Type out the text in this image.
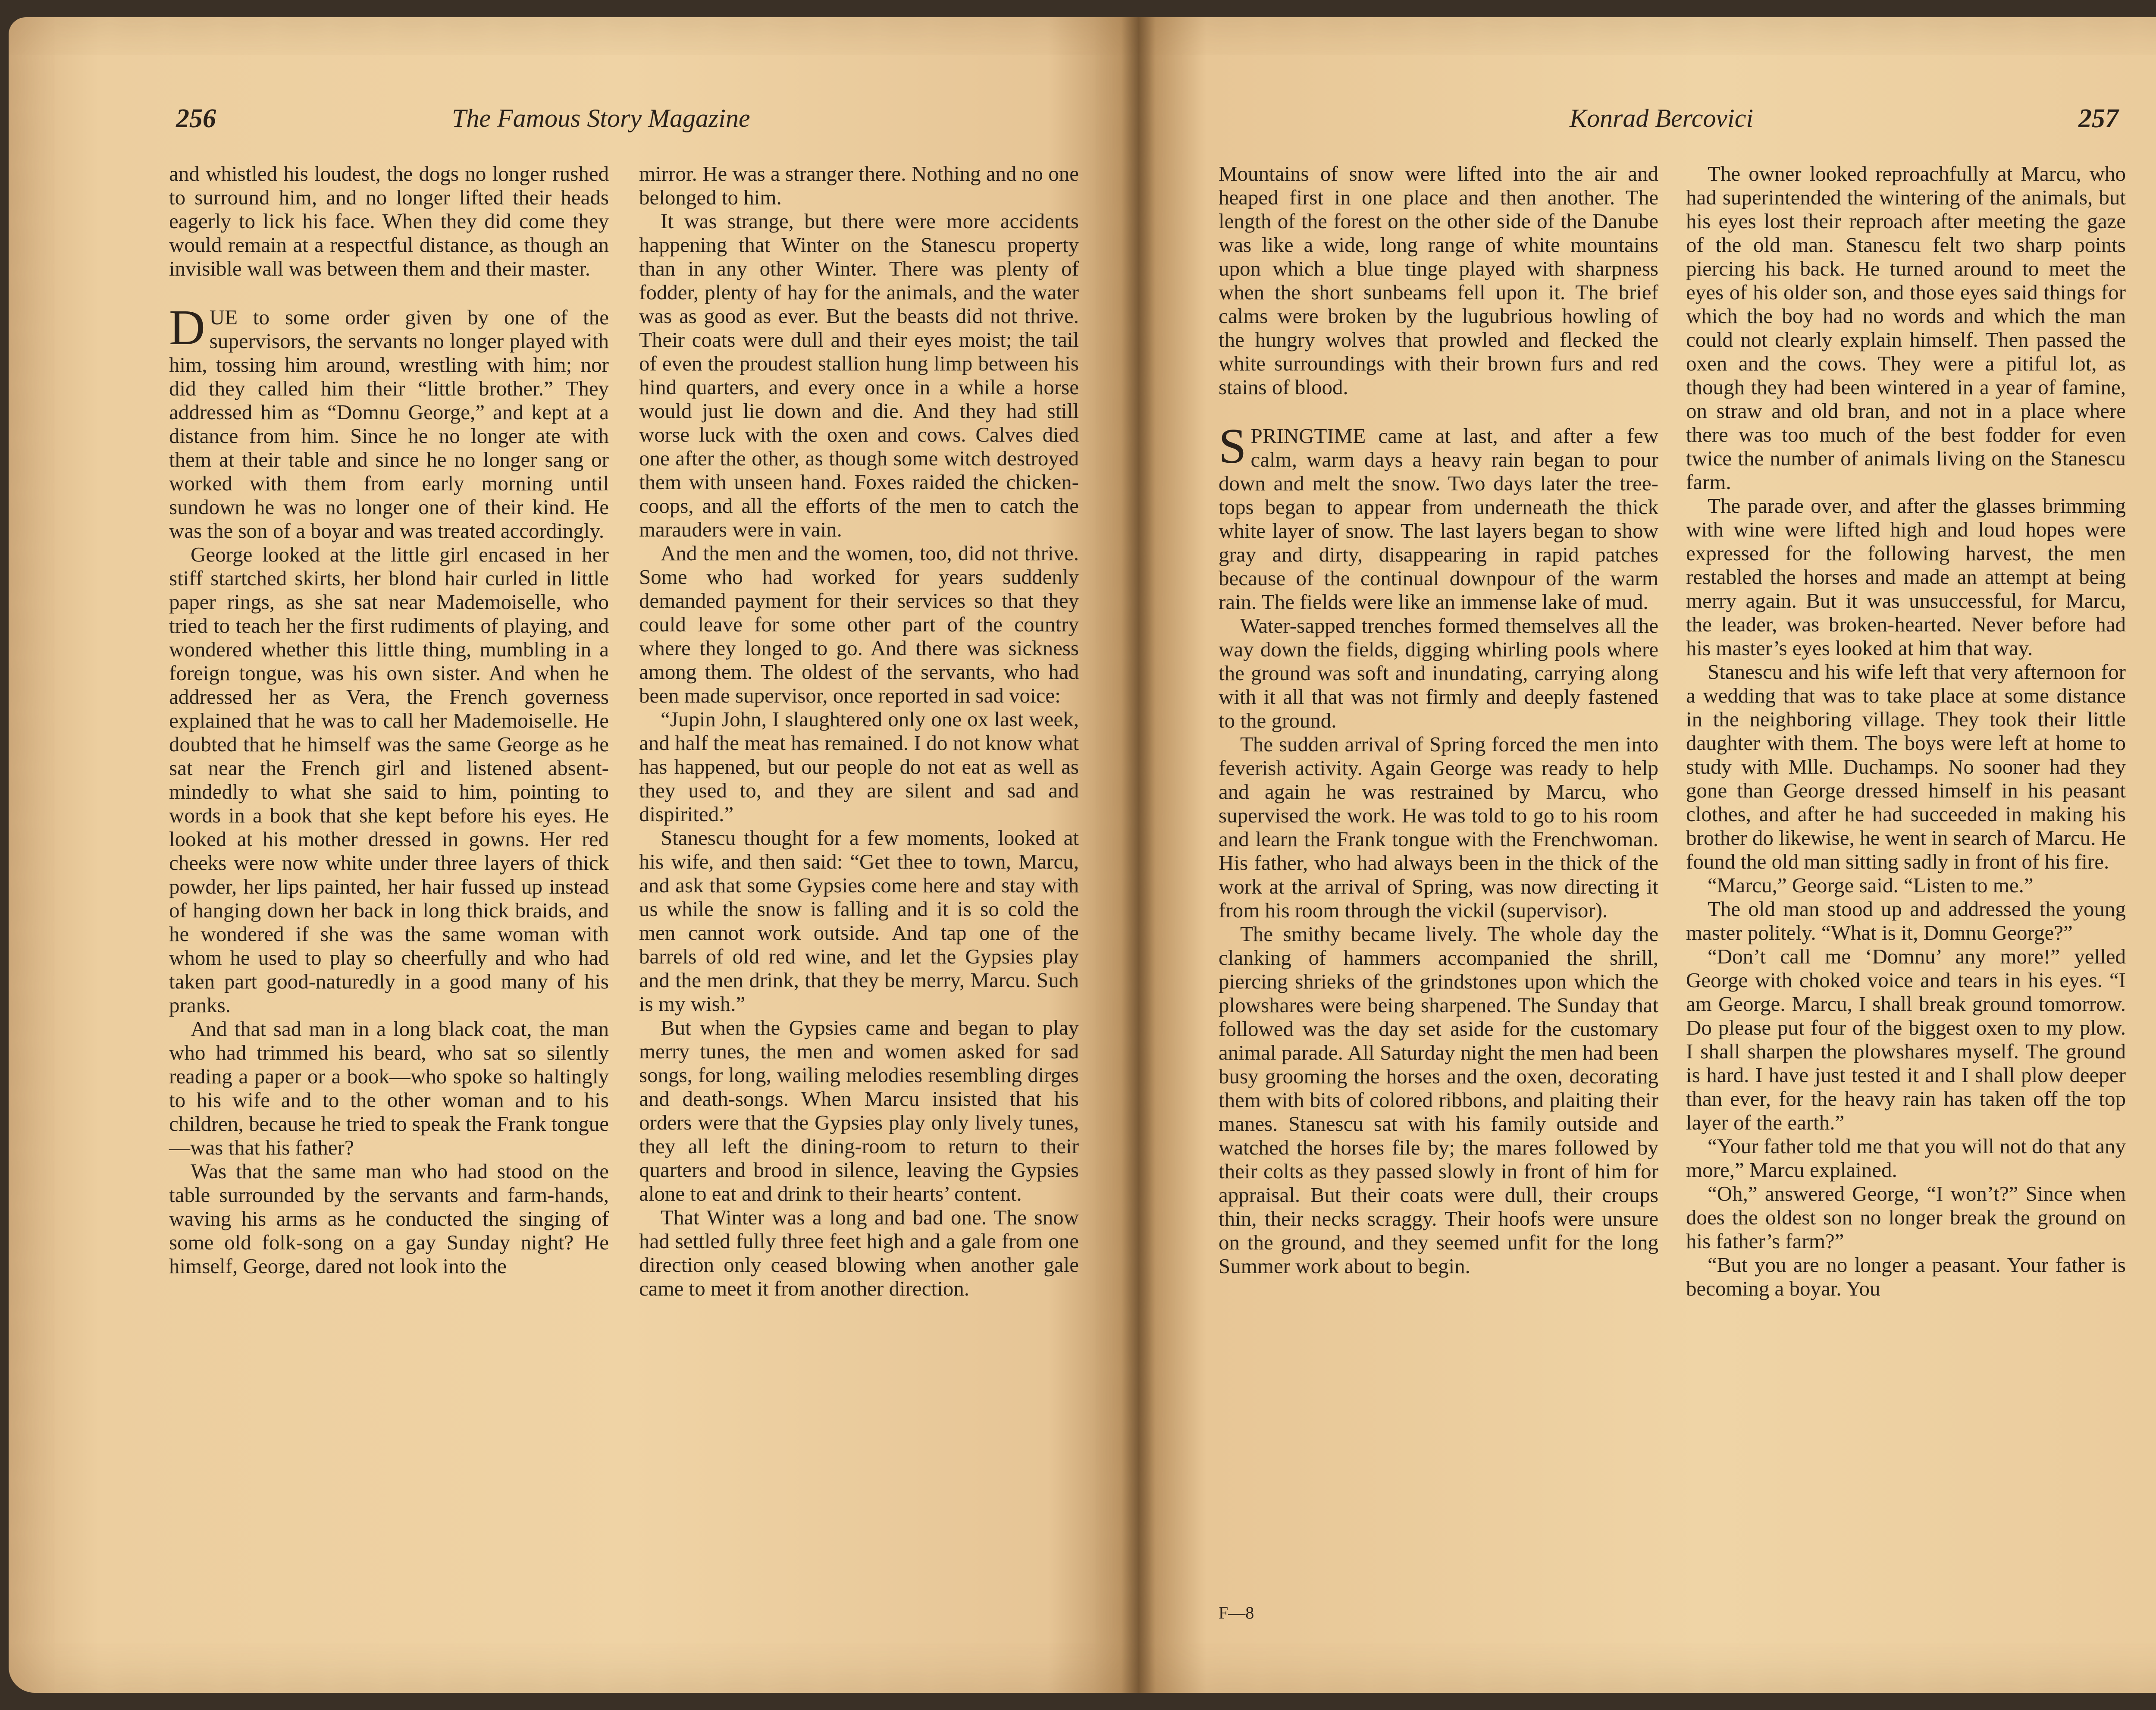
256	The Famous Story Magazine	Konrad Bercovici	257

and whistled his loudest, the dogs no longer rushed to surround him, and no longer lifted their heads eagerly to lick his face. When they did come they would remain at a respectful distance, as though an invisible wall was between them and their master.

DUE to some order given by one of the supervisors, the servants no longer played with him, tossing him around, wrestling with him; nor did they called him their “little brother.” They addressed him as “Domnu George,” and kept at a distance from him. Since he no longer ate with them at their table and since he no longer sang or worked with them from early morning until sundown he was no longer one of their kind. He was the son of a boyar and was treated accordingly.

George looked at the little girl encased in her stiff startched skirts, her blond hair curled in little paper rings, as she sat near Mademoiselle, who tried to teach her the first rudiments of playing, and wondered whether this little thing, mumbling in a foreign tongue, was his own sister. And when he addressed her as Vera, the French governess explained that he was to call her Mademoiselle. He doubted that he himself was the same George as he sat near the French girl and listened absent-mindedly to what she said to him, pointing to words in a book that she kept before his eyes. He looked at his mother dressed in gowns. Her red cheeks were now white under three layers of thick powder, her lips painted, her hair fussed up instead of hanging down her back in long thick braids, and he wondered if she was the same woman with whom he used to play so cheerfully and who had taken part good-naturedly in a good many of his pranks.

And that sad man in a long black coat, the man who had trimmed his beard, who sat so silently reading a paper or a book—who spoke so haltingly to his wife and to the other woman and to his children, because he tried to speak the Frank tongue—was that his father?

Was that the same man who had stood on the table surrounded by the servants and farm-hands, waving his arms as he conducted the singing of some old folk-song on a gay Sunday night? He himself, George, dared not look into the

mirror. He was a stranger there. Nothing and no one belonged to him.

It was strange, but there were more accidents happening that Winter on the Stanescu property than in any other Winter. There was plenty of fodder, plenty of hay for the animals, and the water was as good as ever. But the beasts did not thrive. Their coats were dull and their eyes moist; the tail of even the proudest stallion hung limp between his hind quarters, and every once in a while a horse would just lie down and die. And they had still worse luck with the oxen and cows. Calves died one after the other, as though some witch destroyed them with unseen hand. Foxes raided the chicken-coops, and all the efforts of the men to catch the marauders were in vain.

And the men and the women, too, did not thrive. Some who had worked for years suddenly demanded payment for their services so that they could leave for some other part of the country where they longed to go. And there was sickness among them. The oldest of the servants, who had been made supervisor, once reported in sad voice:

“Jupin John, I slaughtered only one ox last week, and half the meat has remained. I do not know what has happened, but our people do not eat as well as they used to, and they are silent and sad and dispirited.”

Stanescu thought for a few moments, looked at his wife, and then said: “Get thee to town, Marcu, and ask that some Gypsies come here and stay with us while the snow is falling and it is so cold the men cannot work outside. And tap one of the barrels of old red wine, and let the Gypsies play and the men drink, that they be merry, Marcu. Such is my wish.”

But when the Gypsies came and began to play merry tunes, the men and women asked for sad songs, for long, wailing melodies resembling dirges and death-songs. When Marcu insisted that his orders were that the Gypsies play only lively tunes, they all left the dining-room to return to their quarters and brood in silence, leaving the Gypsies alone to eat and drink to their hearts’ content.

That Winter was a long and bad one. The snow had settled fully three feet high and a gale from one direction only ceased blowing when another gale came to meet it from another direction.

Mountains of snow were lifted into the air and heaped first in one place and then another. The length of the forest on the other side of the Danube was like a wide, long range of white mountains upon which a blue tinge played with sharpness when the short sunbeams fell upon it. The brief calms were broken by the lugubrious howling of the hungry wolves that prowled and flecked the white surroundings with their brown furs and red stains of blood.

SPRINGTIME came at last, and after a few calm, warm days a heavy rain began to pour down and melt the snow. Two days later the tree-tops began to appear from underneath the thick white layer of snow. The last layers began to show gray and dirty, disappearing in rapid patches because of the continual downpour of the warm rain. The fields were like an immense lake of mud.

Water-sapped trenches formed themselves all the way down the fields, digging whirling pools where the ground was soft and inundating, carrying along with it all that was not firmly and deeply fastened to the ground.

The sudden arrival of Spring forced the men into feverish activity. Again George was ready to help and again he was restrained by Marcu, who supervised the work. He was told to go to his room and learn the Frank tongue with the Frenchwoman. His father, who had always been in the thick of the work at the arrival of Spring, was now directing it from his room through the vickil (supervisor).

The smithy became lively. The whole day the clanking of hammers accompanied the shrill, piercing shrieks of the grindstones upon which the plowshares were being sharpened. The Sunday that followed was the day set aside for the customary animal parade. All Saturday night the men had been busy grooming the horses and the oxen, decorating them with bits of colored ribbons, and plaiting their manes. Stanescu sat with his family outside and watched the horses file by; the mares followed by their colts as they passed slowly in front of him for appraisal. But their coats were dull, their croups thin, their necks scraggy. Their hoofs were unsure on the ground, and they seemed unfit for the long Summer work about to begin.

The owner looked reproachfully at Marcu, who had superintended the wintering of the animals, but his eyes lost their reproach after meeting the gaze of the old man. Stanescu felt two sharp points piercing his back. He turned around to meet the eyes of his older son, and those eyes said things for which the boy had no words and which the man could not clearly explain himself. Then passed the oxen and the cows. They were a pitiful lot, as though they had been wintered in a year of famine, on straw and old bran, and not in a place where there was too much of the best fodder for even twice the number of animals living on the Stanescu farm.

The parade over, and after the glasses brimming with wine were lifted high and loud hopes were expressed for the following harvest, the men restabled the horses and made an attempt at being merry again. But it was unsuccessful, for Marcu, the leader, was broken-hearted. Never before had his master’s eyes looked at him that way.

Stanescu and his wife left that very afternoon for a wedding that was to take place at some distance in the neighboring village. They took their little daughter with them. The boys were left at home to study with Mlle. Duchamps. No sooner had they gone than George dressed himself in his peasant clothes, and after he had succeeded in making his brother do likewise, he went in search of Marcu. He found the old man sitting sadly in front of his fire.

“Marcu,” George said. “Listen to me.”

The old man stood up and addressed the young master politely. “What is it, Domnu George?”

“Don’t call me ‘Domnu’ any more!” yelled George with choked voice and tears in his eyes. “I am George. Marcu, I shall break ground tomorrow. Do please put four of the biggest oxen to my plow. I shall sharpen the plowshares myself. The ground is hard. I have just tested it and I shall plow deeper than ever, for the heavy rain has taken off the top layer of the earth.”

“Your father told me that you will not do that any more,” Marcu explained.

“Oh,” answered George, “I won’t?” Since when does the oldest son no longer break the ground on his father’s farm?”

“But you are no longer a peasant. Your father is becoming a boyar. You

F—8
